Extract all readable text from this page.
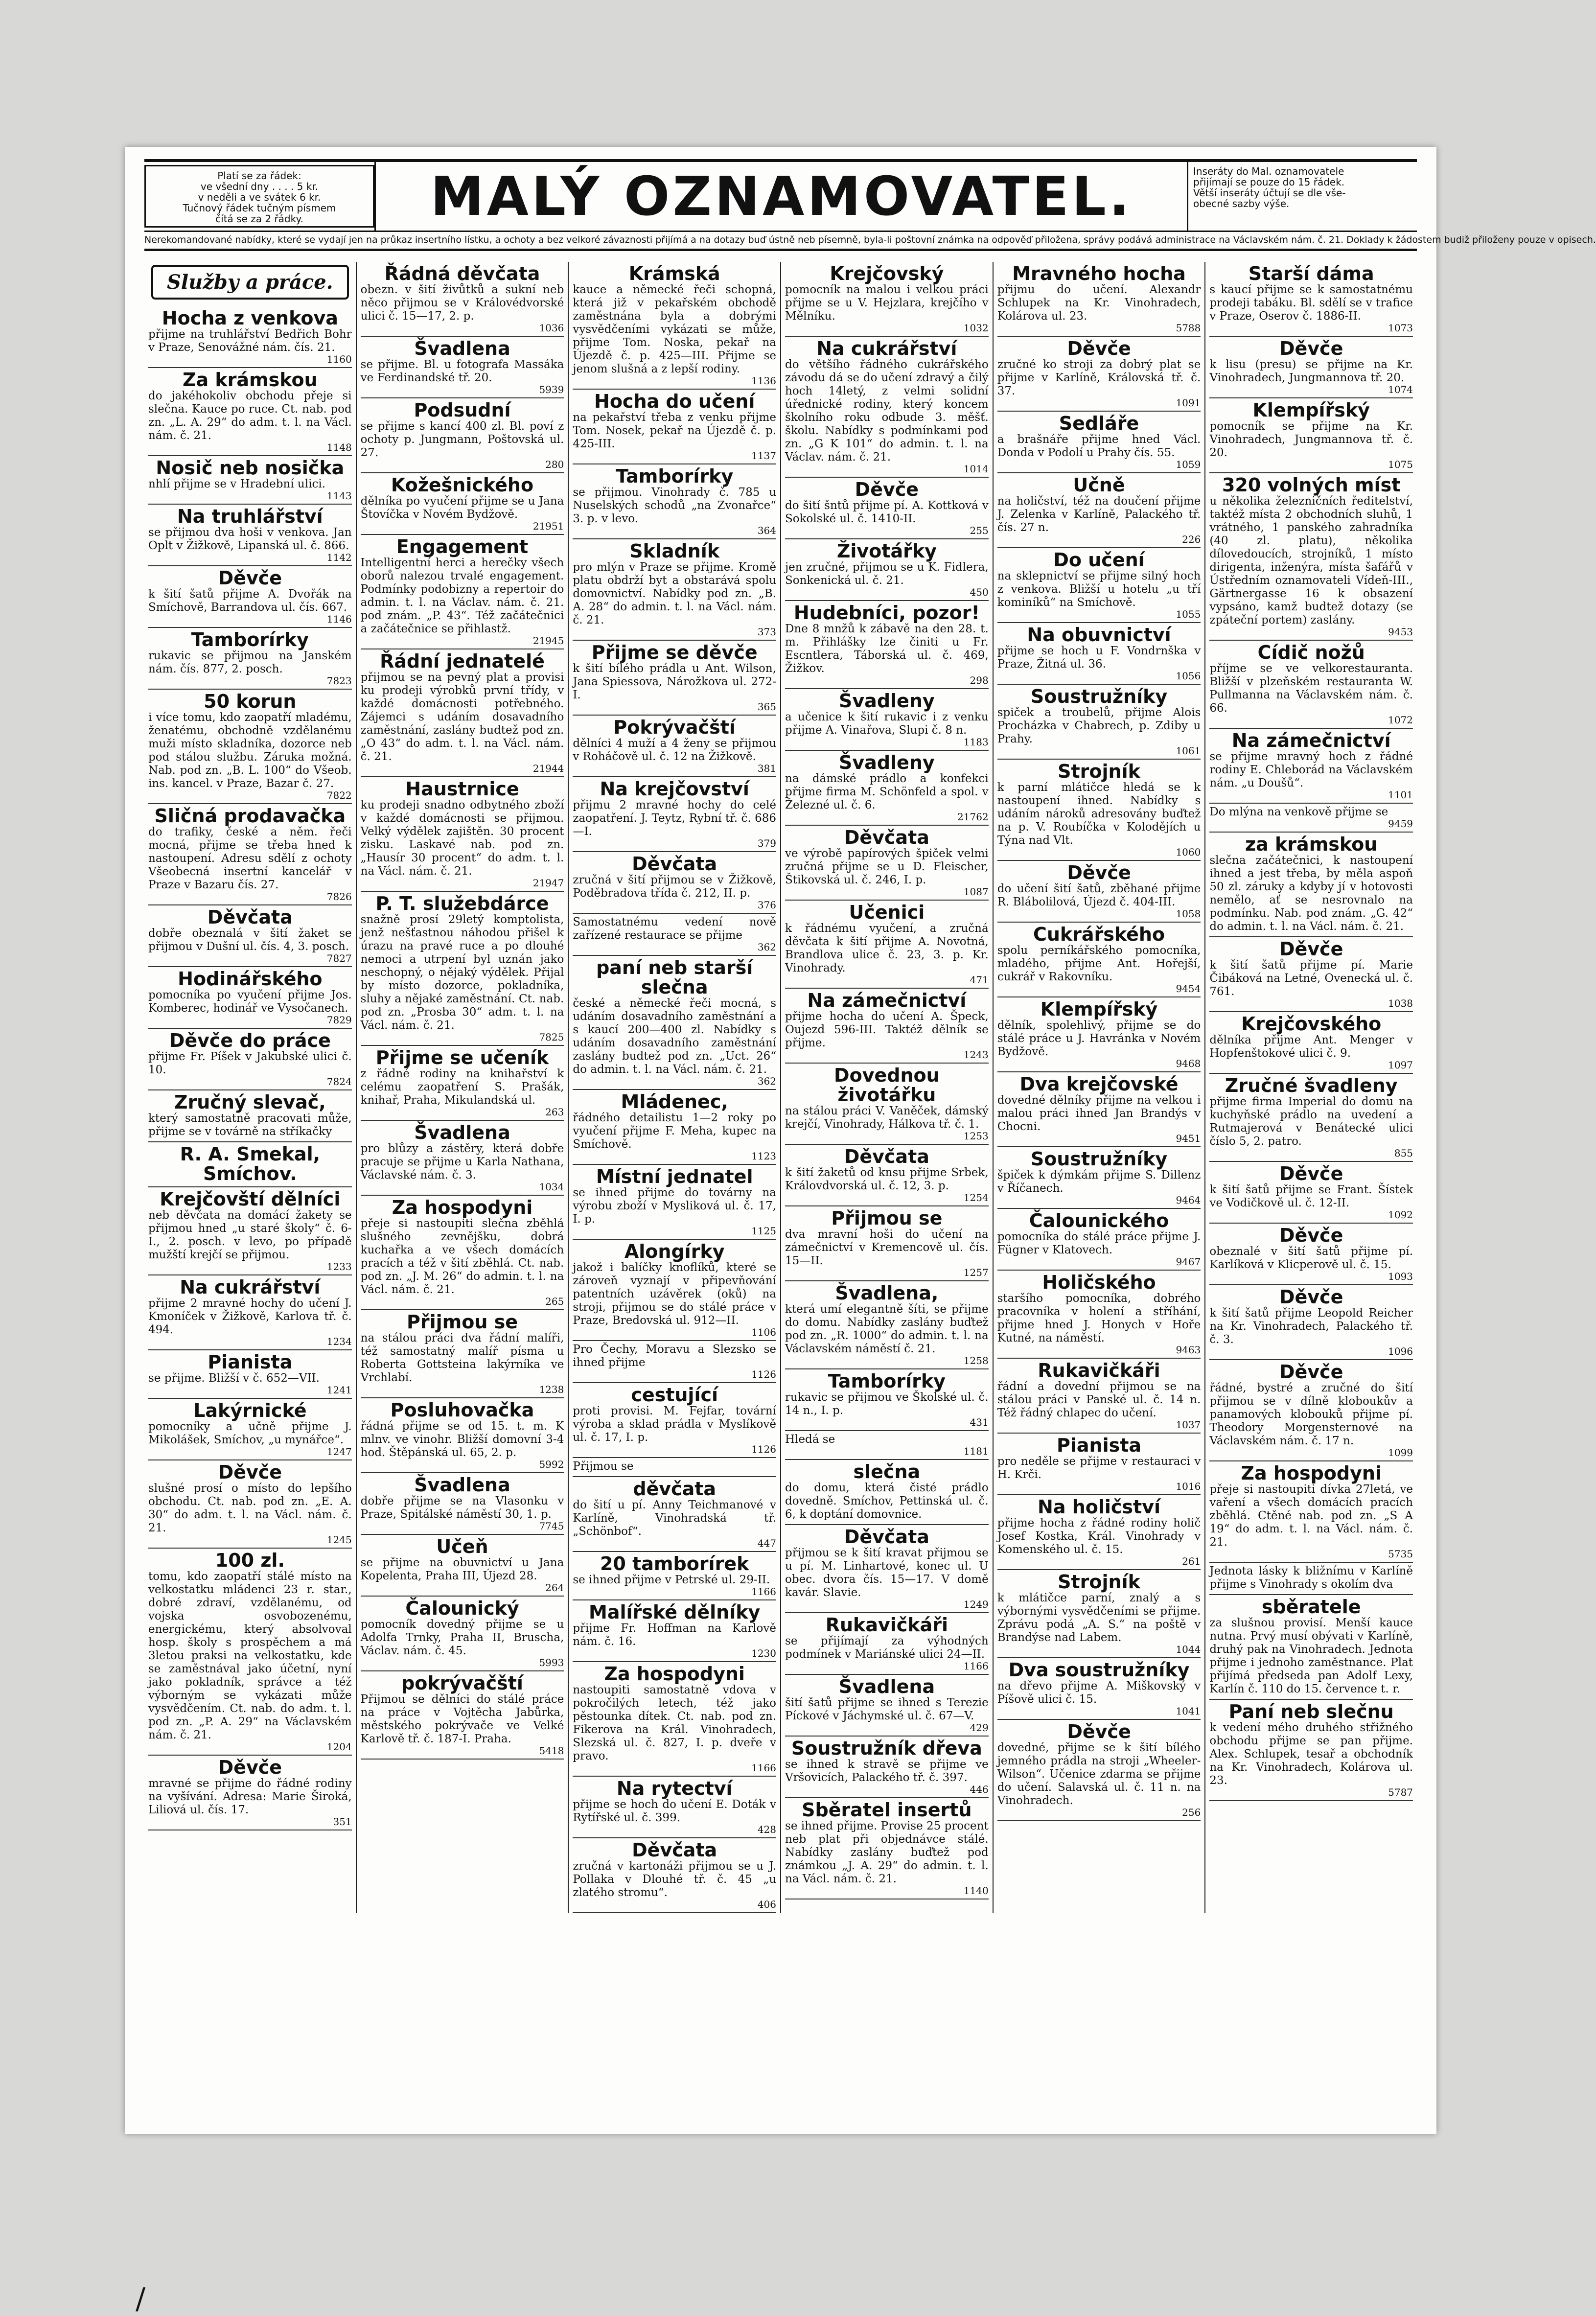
Platí se za řádek:
ve všední dny . . . . 5 kr.
v neděli a ve svátek 6 kr.
Tučnový řádek tučným písmem
čítá se za 2 řádky.	MALÝ OZNAMOVATEL.	Inseráty do Mal. oznamovatele
přijímají se pouze do 15 řádek.
Větší inseráty účtují se dle vše-
obecné sazby výše.
Nerekomandované nabídky, které se vydají jen na průkaz insertního lístku, a ochoty a bez velkoré závaznosti přijímá a na dotazy buď ústně neb písemně, byla-li poštovní známka na odpověď přiložena, správy podává administrace na Václavském nám. č. 21. Doklady k žádostem budiž přiloženy pouze v opisech.
Služby a práce.
Hocha z venkova
přijme na truhlářství Bedřich Bohr v Praze, Senovážné nám. čís. 21.
1160
Za krámskou
do jakéhokoliv obchodu přeje si slečna. Kauce po ruce. Ct. nab. pod zn. „L. A. 29“ do adm. t. l. na Václ. nám. č. 21.
1148
Nosič neb nosička
nhlí přijme se v Hradební ulici.
1143
Na truhlářství
se přijmou dva hoši v venkova. Jan Oplt v Žižkově, Lipanská ul. č. 866.
1142
Děvče
k šití šatů přijme A. Dvořák na Smíchově, Barrandova ul. čís. 667.
1146
Tamborírky
rukavic se přijmou na Janském nám. čís. 877, 2. posch.
7823
50 korun
i více tomu, kdo zaopatří mladému, ženatému, obchodně vzdělanému muži místo skladníka, dozorce neb pod stálou službu. Záruka možná. Nab. pod zn. „B. L. 100“ do Všeob. ins. kancel. v Praze, Bazar č. 27.
7822
Sličná prodavačka
do trafiky, české a něm. řeči mocná, přijme se třeba hned k nastoupení. Adresu sdělí z ochoty Všeobecná insertní kancelář v Praze v Bazaru čís. 27.
7826
Děvčata
dobře obeznalá v šití žaket se přijmou v Dušní ul. čís. 4, 3. posch.
7827
Hodinářského
pomocníka po vyučení přijme Jos. Komberec, hodinář ve Vysočanech.
7829
Děvče do práce
přijme Fr. Píšek v Jakubské ulici č. 10.
7824
Zručný slevač,
který samostatně pracovati může, přijme se v továrně na stříkačky
R. A. Smekal, Smíchov.
Krejčovští dělníci
neb děvčata na domácí žakety se přijmou hned „u staré školy“ č. 6-I., 2. posch. v levo, po případě mužští krejčí se přijmou.
1233
Na cukrářství
přijme 2 mravné hochy do učení J. Kmoníček v Žižkově, Karlova tř. č. 494.
1234
Pianista
se přijme. Bližší v č. 652—VII.
1241
Lakýrnické
pomocníky a učně přijme J. Mikolášek, Smíchov, „u mynářce“.
1247
Děvče
slušné prosí o místo do lepšího obchodu. Ct. nab. pod zn. „E. A. 30“ do adm. t. l. na Václ. nám. č. 21.
1245
100 zl.
tomu, kdo zaopatří stálé místo na velkostatku mládenci 23 r. star., dobré zdraví, vzdělanému, od vojska osvobozenému, energickému, který absolvoval hosp. školy s prospěchem a má 3letou praksi na velkostatku, kde se zaměstnával jako účetní, nyní jako pokladník, správce a též výborným se vykázati může vysvědčením. Ct. nab. do adm. t. l. pod zn. „P. A. 29“ na Václavském nám. č. 21.
1204
Děvče
mravné se přijme do řádné rodiny na vyšívání. Adresa: Marie Široká, Liliová ul. čís. 17.
351
Řádná děvčata
obezn. v šití živůtků a sukní neb něco přijmou se v Královédvorské ulici č. 15—17, 2. p.
1036
Švadlena
se přijme. Bl. u fotografa Massáka ve Ferdinandské tř. 20.
5939
Podsudní
se přijme s kancí 400 zl. Bl. poví z ochoty p. Jungmann, Poštovská ul. 27.
280
Kožešnického
dělníka po vyučení přijme se u Jana Štovíčka v Novém Bydžově.
21951
Engagement
Intelligentní herci a herečky všech oborů nalezou trvalé engagement. Podmínky podobizny a repertoir do admin. t. l. na Václav. nám. č. 21. pod znám. „P. 43“. Též začátečnici a začátečnice se přihlastž.
21945
Řádní jednatelé
přijmou se na pevný plat a provisi ku prodeji výrobků první třídy, v každé domácnosti potřebného. Zájemci s udáním dosavadního zaměstnání, zaslány budtež pod zn. „O 43“ do adm. t. l. na Václ. nám. č. 21.
21944
Haustrnice
ku prodeji snadno odbytného zboží v každé domácnosti se přijmou. Velký výdělek zajištěn. 30 procent zisku. Laskavé nab. pod zn. „Hausír 30 procent“ do adm. t. l. na Václ. nám. č. 21.
21947
P. T. služebdárce
snažně prosí 29letý komptolista, jenž nešťastnou náhodou přišel k úrazu na pravé ruce a po dlouhé nemoci a utrpení byl uznán jako neschopný, o nějaký výdělek. Přijal by místo dozorce, pokladníka, sluhy a nějaké zaměstnání. Ct. nab. pod zn. „Prosba 30“ adm. t. l. na Václ. nám. č. 21.
7825
Přijme se učeník
z řádné rodiny na knihařství k celému zaopatření S. Prašák, knihař, Praha, Mikulandská ul.
263
Švadlena
pro blůzy a zástěry, která dobře pracuje se přijme u Karla Nathana, Václavské nám. č. 3.
1034
Za hospodyni
přeje si nastoupiti slečna zběhlá slušného zevnějšku, dobrá kuchařka a ve všech domácích pracích a též v šití zběhlá. Ct. nab. pod zn. „J. M. 26“ do admin. t. l. na Václ. nám. č. 21.
265
Přijmou se
na stálou práci dva řádní malíři, též samostatný malíř písma u Roberta Gottsteina lakýrníka ve Vrchlabí.
1238
Posluhovačka
řádná přijme se od 15. t. m. K mlnv. ve vinohr. Bližší domovní 3-4 hod. Štěpánská ul. 65, 2. p.
5992
Švadlena
dobře přijme se na Vlasonku v Praze, Spitálské náměstí 30, 1. p.
7745
Učeň
se přijme na obuvnictví u Jana Kopelenta, Praha III, Újezd 28.
264
Čalounický
pomocník dovedný přijme se u Adolfa Trnky, Praha II, Bruscha, Václav. nám. č. 45.
5993
pokrývačští
Přijmou se dělníci do stálé práce na práce v Vojtěcha Jabůrka, městského pokrývače ve Velké Karlově tř. č. 187-I. Praha.
5418
Krámská
kauce a německé řeči schopná, která již v pekařském obchodě zaměstnána byla a dobrými vysvědčeními vykázati se může, přijme Tom. Noska, pekař na Újezdě č. p. 425—III. Přijme se jenom slušná a z lepší rodiny.
1136
Hocha do učení
na pekařství třeba z venku přijme Tom. Nosek, pekař na Újezdě č. p. 425-III.
1137
Tamborírky
se přijmou. Vinohrady č. 785 u Nuselských schodů „na Zvonařce“ 3. p. v levo.
364
Skladník
pro mlýn v Praze se přijme. Kromě platu obdrží byt a obstarává spolu domovnictví. Nabídky pod zn. „B. A. 28“ do admin. t. l. na Václ. nám. č. 21.
373
Přijme se děvče
k šití bílého prádla u Ant. Wilson, Jana Spiessova, Nárožkova ul. 272-I.
365
Pokrývačští
dělníci 4 muží a 4 ženy se přijmou v Roháčově ul. č. 12 na Žižkově.
381
Na krejčovství
přijmu 2 mravné hochy do celé zaopatření. J. Teytz, Rybní tř. č. 686—I.
379
Děvčata
zručná v šití přijmou se v Žižkově, Poděbradova třída č. 212, II. p.
376
Samostatnému vedení nově zařízené restaurace se přijme
362
paní neb starší slečna
české a německé řeči mocná, s udáním dosavadního zaměstnání a s kaucí 200—400 zl. Nabídky s udáním dosavadního zaměstnání zaslány budtež pod zn. „Uct. 26“ do admin. t. l. na Václ. nám. č. 21.
362
Mládenec,
řádného detailistu 1—2 roky po vyučení přijme F. Meha, kupec na Smíchově.
1123
Místní jednatel
se ihned přijme do továrny na výrobu zboží v Mysliková ul. č. 17, I. p.
1125
Alongírky
jakož i balíčky knoflíků, které se zároveň vyznají v připevňování patentních uzávěrek (oků) na stroji, přijmou se do stálé práce v Praze, Bredovská ul. 912—II.
1106
Pro Čechy, Moravu a Slezsko se ihned přijme
1126
cestující
proti provisi. M. Fejfar, tovární výroba a sklad prádla v Myslíkově ul. č. 17, I. p.
1126
Přijmou se
děvčata
do šití u pí. Anny Teichmanové v Karlíně, Vinohradská tř. „Schönbof“.
447
20 tamborírek
se ihned přijme v Petrské ul. 29-II.
1166
Malířské dělníky
přijme Fr. Hoffman na Karlově nám. č. 16.
1230
Za hospodyni
nastoupiti samostatně vdova v pokročilých letech, též jako pěstounka dítek. Ct. nab. pod zn. Fikerova na Král. Vinohradech, Slezská ul. č. 827, I. p. dveře v pravo.
1166
Na rytectví
přijme se hoch do učení E. Doták v Rytířské ul. č. 399.
428
Děvčata
zručná v kartonáži přijmou se u J. Pollaka v Dlouhé tř. č. 45 „u zlatého stromu“.
406
Krejčovský
pomocník na malou i velkou práci přijme se u V. Hejzlara, krejčího v Mělníku.
1032
Na cukrářství
do většího řádného cukrářského závodu dá se do učení zdravý a čilý hoch 14letý, z velmi solidní úřednické rodiny, který koncem školního roku odbude 3. měšť. školu. Nabídky s podmínkami pod zn. „G K 101“ do admin. t. l. na Václav. nám. č. 21.
1014
Děvče
do šití šntů přijme pí. A. Kottková v Sokolské ul. č. 1410-II.
255
Životářky
jen zručné, přijmou se u K. Fidlera, Sonkenická ul. č. 21.
450
Hudebníci, pozor!
Dne 8 mnžů k zábavě na den 28. t. m. Přihlášky lze činiti u Fr. Escntlera, Táborská ul. č. 469, Žižkov.
298
Švadleny
a učenice k šití rukavic i z venku přijme A. Vinařova, Slupi č. 8 n.
1183
Švadleny
na dámské prádlo a konfekci přijme firma M. Schönfeld a spol. v Železné ul. č. 6.
21762
Děvčata
ve výrobě papírových špiček velmi zručná přijme se u D. Fleischer, Štikovská ul. č. 246, I. p.
1087
Učenici
k řádnému vyučení, a zručná děvčata k šití přijme A. Novotná, Brandlova ulice č. 23, 3. p. Kr. Vinohrady.
471
Na zámečnictví
přijme hocha do učení A. Špeck, Oujezd 596-III. Taktéž dělník se přijme.
1243
Dovednou životářku
na stálou práci V. Vaněček, dámský krejčí, Vinohrady, Hálkova tř. č. 1.
1253
Děvčata
k šití žaketů od knsu přijme Srbek, Královdvorská ul. č. 12, 3. p.
1254
Přijmou se
dva mravní hoši do učení na zámečnictví v Kremencově ul. čís. 15—II.
1257
Švadlena,
která umí elegantně šíti, se přijme do domu. Nabídky zaslány buďtež pod zn. „R. 1000“ do admin. t. l. na Václavském náměstí č. 21.
1258
Tamborírky
rukavic se přijmou ve Školské ul. č. 14 n., I. p.
431
Hledá se
1181
slečna
do domu, která čisté prádlo dovedně. Smíchov, Pettinská ul. č. 6, k doptání domovnice.
Děvčata
přijmou se k šití kravat přijmou se u pí. M. Linhartové, konec ul. U obec. dvora čís. 15—17. V domě kavár. Slavie.
1249
Rukavičkáři
se přijímají za výhodných podmínek v Mariánské ulici 24—II.
1166
Švadlena
šití šatů přijme se ihned s Terezie Píckové v Jáchymské ul. č. 67—V.
429
Soustružník dřeva
se ihned k stravě se přijme ve Vršovicích, Palackého tř. č. 397.
446
Sběratel insertů
se ihned přijme. Provise 25 procent neb plat při objednávce stálé. Nabídky zaslány buďtež pod známkou „J. A. 29“ do admin. t. l. na Václ. nám. č. 21.
1140
Mravného hocha
přijmu do učení. Alexandr Schlupek na Kr. Vinohradech, Kolárova ul. 23.
5788
Děvče
zručné ko stroji za dobrý plat se přijme v Karlíně, Královská tř. č. 37.
1091
Sedláře
a brašnáře přijme hned Václ. Donda v Podolí u Prahy čís. 55.
1059
Učně
na holičství, též na doučení přijme J. Zelenka v Karlíně, Palackého tř. čís. 27 n.
226
Do učení
na sklepnictví se přijme silný hoch z venkova. Bližší u hotelu „u tří kominíků“ na Smíchově.
1055
Na obuvnictví
přijme se hoch u F. Vondrnška v Praze, Žitná ul. 36.
1056
Soustružníky
spiček a troubelů, přijme Alois Procházka v Chabrech, p. Zdiby u Prahy.
1061
Strojník
k parní mlátičce hledá se k nastoupení ihned. Nabídky s udáním nároků adresovány buďtež na p. V. Roubíčka v Kolodějích u Týna nad Vlt.
1060
Děvče
do učení šití šatů, zběhané přijme R. Blábolilová, Újezd č. 404-III.
1058
Cukrářského
spolu perníkářského pomocníka, mladého, přijme Ant. Hořejší, cukrář v Rakovníku.
9454
Klempířský
dělník, spolehlivý, přijme se do stálé práce u J. Havránka v Novém Bydžově.
9468
Dva krejčovské
dovedné dělníky přijme na velkou i malou práci ihned Jan Brandýs v Chocni.
9451
Soustružníky
špiček k dýmkám přijme S. Dillenz v Říčanech.
9464
Čalounického
pomocníka do stálé práce přijme J. Fügner v Klatovech.
9467
Holičského
staršího pomocníka, dobrého pracovníka v holení a stříhání, přijme hned J. Honych v Hoře Kutné, na náměstí.
9463
Rukavičkáři
řádní a dovední přijmou se na stálou práci v Panské ul. č. 14 n. Též řádný chlapec do učení.
1037
Pianista
pro neděle se přijme v restauraci v H. Krči.
1016
Na holičství
přijme hocha z řádné rodiny holič Josef Kostka, Král. Vinohrady v Komenského ul. č. 15.
261
Strojník
k mlátičce parní, znalý a s výbornými vysvědčeními se přijme. Zprávu podá „A. S.“ na poště v Brandýse nad Labem.
1044
Dva soustružníky
na dřevo přijme A. Miškovský v Píšově ulici č. 15.
1041
Děvče
dovedné, přijme se k šití bílého jemného prádla na stroji „Wheeler-Wilson“. Učenice zdarma se přijme do učení. Salavská ul. č. 11 n. na Vinohradech.
256
Starší dáma
s kaucí přijme se k samostatnému prodeji tabáku. Bl. sdělí se v trafice v Praze, Oserov č. 1886-II.
1073
Děvče
k lisu (presu) se přijme na Kr. Vinohradech, Jungmannova tř. 20.
1074
Klempířský
pomocník se přijme na Kr. Vinohradech, Jungmannova tř. č. 20.
1075
320 volných míst
u několika železničních ředitelství, taktéž místa 2 obchodních sluhů, 1 vrátného, 1 panského zahradníka (40 zl. platu), několika dílovedoucích, strojníků, 1 místo dirigenta, inženýra, místa šafářů v Ústředním oznamovateli Vídeň-III., Gärtnergasse 16 k obsazení vypsáno, kamž budtež dotazy (se zpáteční portem) zaslány.
9453
Cídič nožů
příjme se ve velkorestauranta. Bližší v plzeňském restauranta W. Pullmanna na Václavském nám. č. 66.
1072
Na zámečnictví
se přijme mravný hoch z řádné rodiny E. Chleborád na Václavském nám. „u Doušů“.
1101
Do mlýna na venkově přijme se
9459
za krámskou
slečna začátečnici, k nastoupení ihned a jest třeba, by měla aspoň 50 zl. záruky a kdyby jí v hotovosti nemělo, ať se nesrovnalo na podmínku. Nab. pod znám. „G. 42“ do admin. t. l. na Václ. nám. č. 21.
Děvče
k šití šatů přijme pí. Marie Čibáková na Letné, Ovenecká ul. č. 761.
1038
Krejčovského
dělníka přijme Ant. Menger v Hopfenštokové ulici č. 9.
1097
Zručné švadleny
přijme firma Imperial do domu na kuchyňské prádlo na uvedení a Rutmajerová v Benátecké ulici číslo 5, 2. patro.
855
Děvče
k šití šatů přijme se Frant. Šístek ve Vodičkově ul. č. 12-II.
1092
Děvče
obeznalé v šití šatů přijme pí. Karlíková v Klicperově ul. č. 15.
1093
Děvče
k šití šatů přijme Leopold Reicher na Kr. Vinohradech, Palackého tř. č. 3.
1096
Děvče
řádné, bystré a zručné do šití přijmou se v dílně kloboukův a panamových klobouků přijme pí. Theodory Morgensternové na Václavském nám. č. 17 n.
1099
Za hospodyni
přeje si nastoupiti dívka 27letá, ve vaření a všech domácích pracích zběhlá. Ctěné nab. pod zn. „S A 19“ do adm. t. l. na Václ. nám. č. 21.
5735
Jednota lásky k bližnímu v Karlíně přijme s Vinohrady s okolím dva
sběratele
za slušnou provisí. Menší kauce nutna. Prvý musí obývati v Karlíně, druhý pak na Vinohradech. Jednota přijme i jednoho zaměstnance. Plat přijímá předseda pan Adolf Lexy, Karlín č. 110 do 15. července t. r.
Paní neb slečnu
k vedení mého druhého střižného obchodu přijme se pan přijme. Alex. Schlupek, tesař a obchodník na Kr. Vinohradech, Kolárova ul. 23.
5787
/
